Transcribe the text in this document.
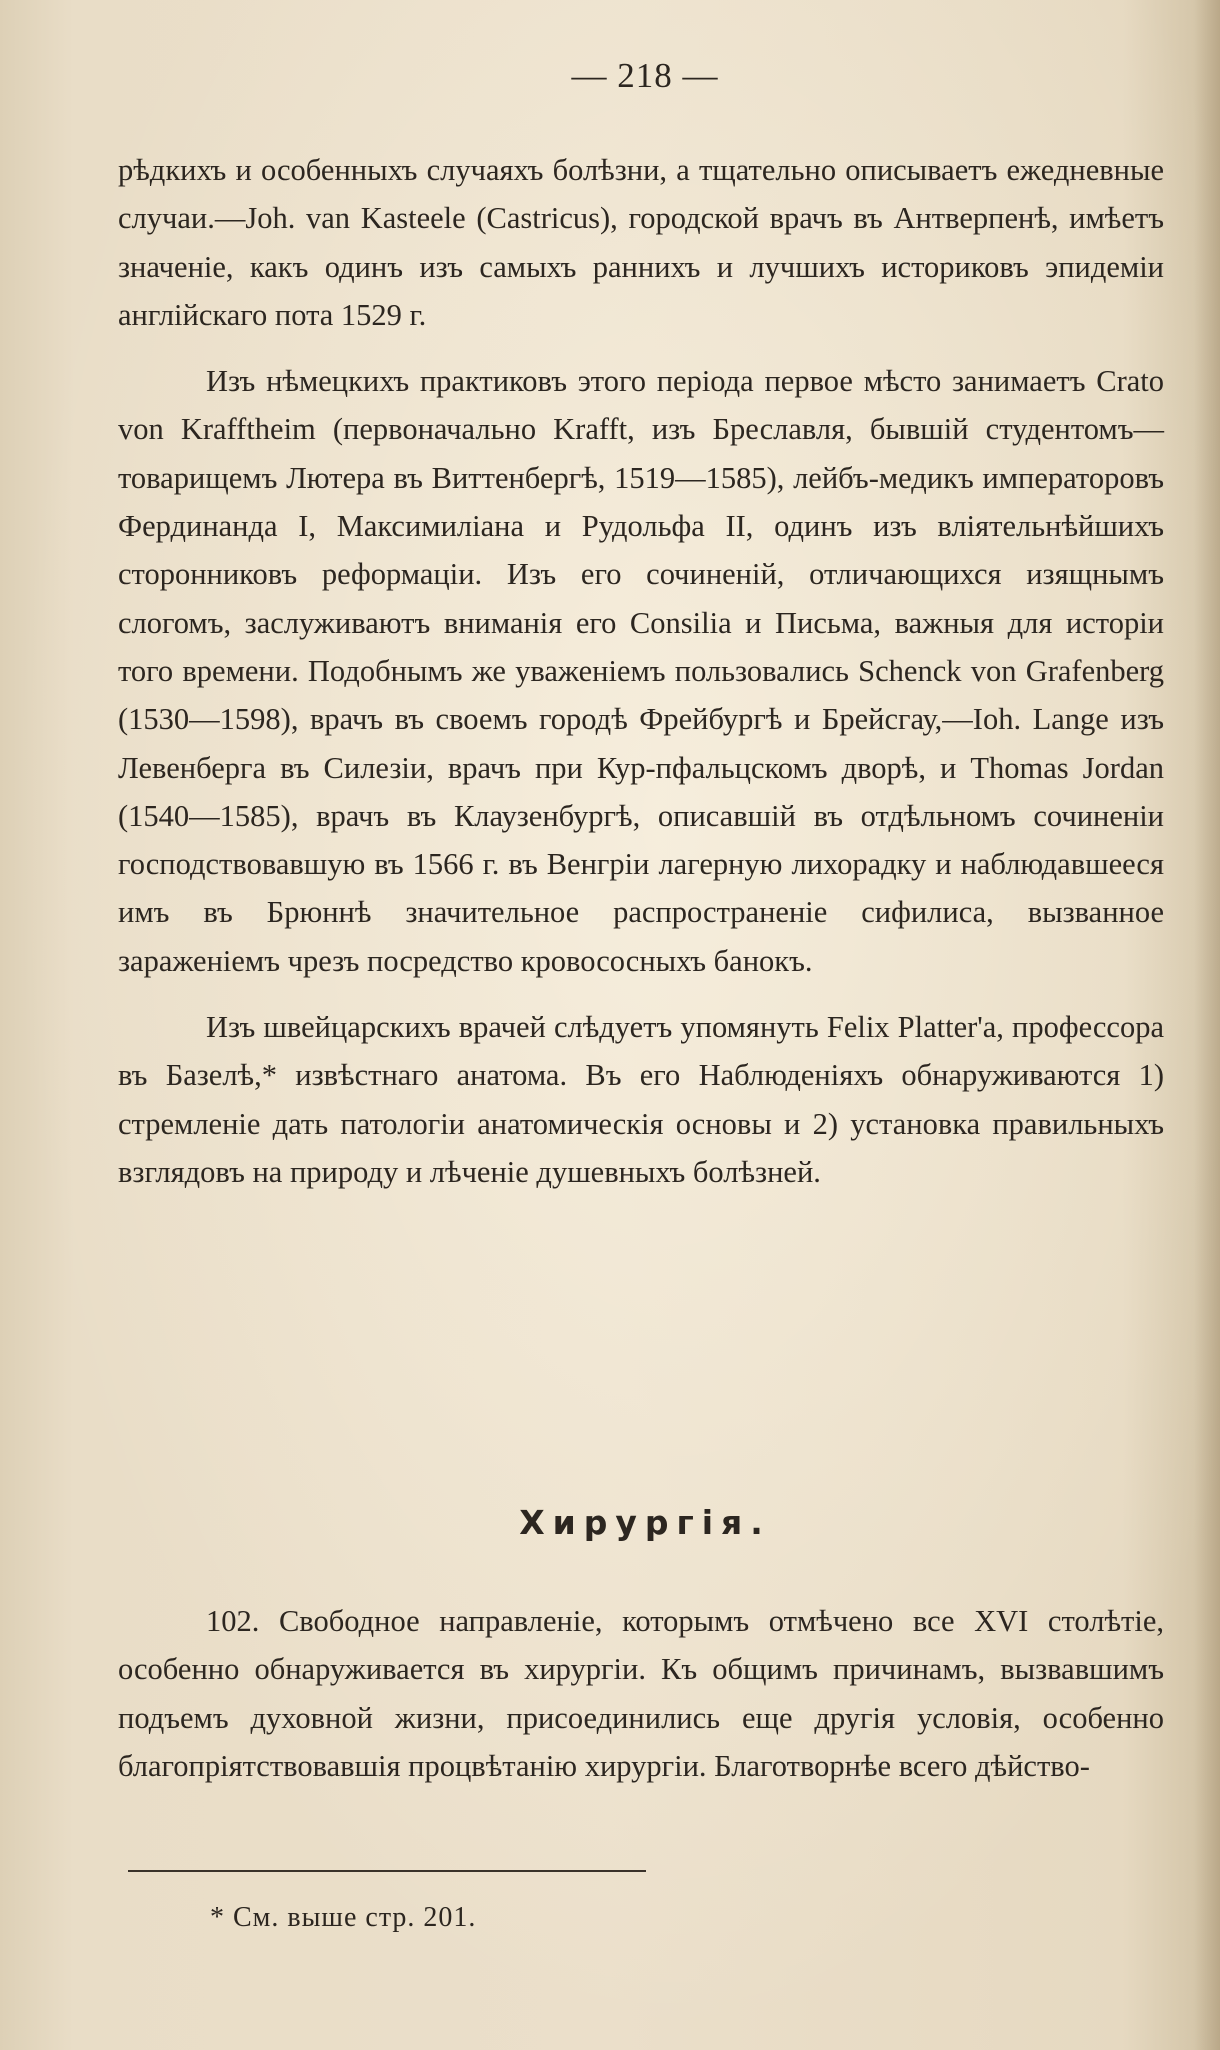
— 218 —

рѣдкихъ и особенныхъ случаяхъ болѣзни, а тщательно описываетъ ежедневные случаи.—Joh. van Kasteele (Castricus), городской врачъ въ Антверпенѣ, имѣетъ значеніе, какъ одинъ изъ самыхъ раннихъ и лучшихъ историковъ эпидеміи англійскаго пота 1529 г.

Изъ нѣмецкихъ практиковъ этого періода первое мѣсто занимаетъ Crato von Krafftheim (первоначально Krafft, изъ Бреславля, бывшій студентомъ—товарищемъ Лютера въ Виттенбергѣ, 1519—1585), лейбъ-медикъ императоровъ Фердинанда I, Максимиліана и Рудольфа II, одинъ изъ вліятельнѣйшихъ сторонниковъ реформаціи. Изъ его сочиненій, отличающихся изящнымъ слогомъ, заслуживаютъ вниманія его Consilia и Письма, важныя для исторіи того времени. Подобнымъ же уваженіемъ пользовались Schenck von Grafenberg (1530—1598), врачъ въ своемъ городѣ Фрейбургѣ и Брейсгау,—Ioh. Lange изъ Левенберга въ Силезіи, врачъ при Кур-пфальцскомъ дворѣ, и Thomas Jordan (1540—1585), врачъ въ Клаузенбургѣ, описавшій въ отдѣльномъ сочиненіи господствовавшую въ 1566 г. въ Венгріи лагерную лихорадку и наблюдавшееся имъ въ Брюннѣ значительное распространеніе сифилиса, вызванное зараженіемъ чрезъ посредство кровососныхъ банокъ.

Изъ швейцарскихъ врачей слѣдуетъ упомянуть Felix Platter'a, профессора въ Базелѣ,* извѣстнаго анатома. Въ его Наблюденіяхъ обнаруживаются 1) стремленіе дать патологіи анатомическія основы и 2) установка правильныхъ взглядовъ на природу и лѣченіе душевныхъ болѣзней.

Хирургія.

102. Свободное направленіе, которымъ отмѣчено все XVI столѣтіе, особенно обнаруживается въ хирургіи. Къ общимъ причинамъ, вызвавшимъ подъемъ духовной жизни, присоединились еще другія условія, особенно благопріятствовавшія процвѣтанію хирургіи. Благотворнѣе всего дѣйство-

* См. выше стр. 201.
